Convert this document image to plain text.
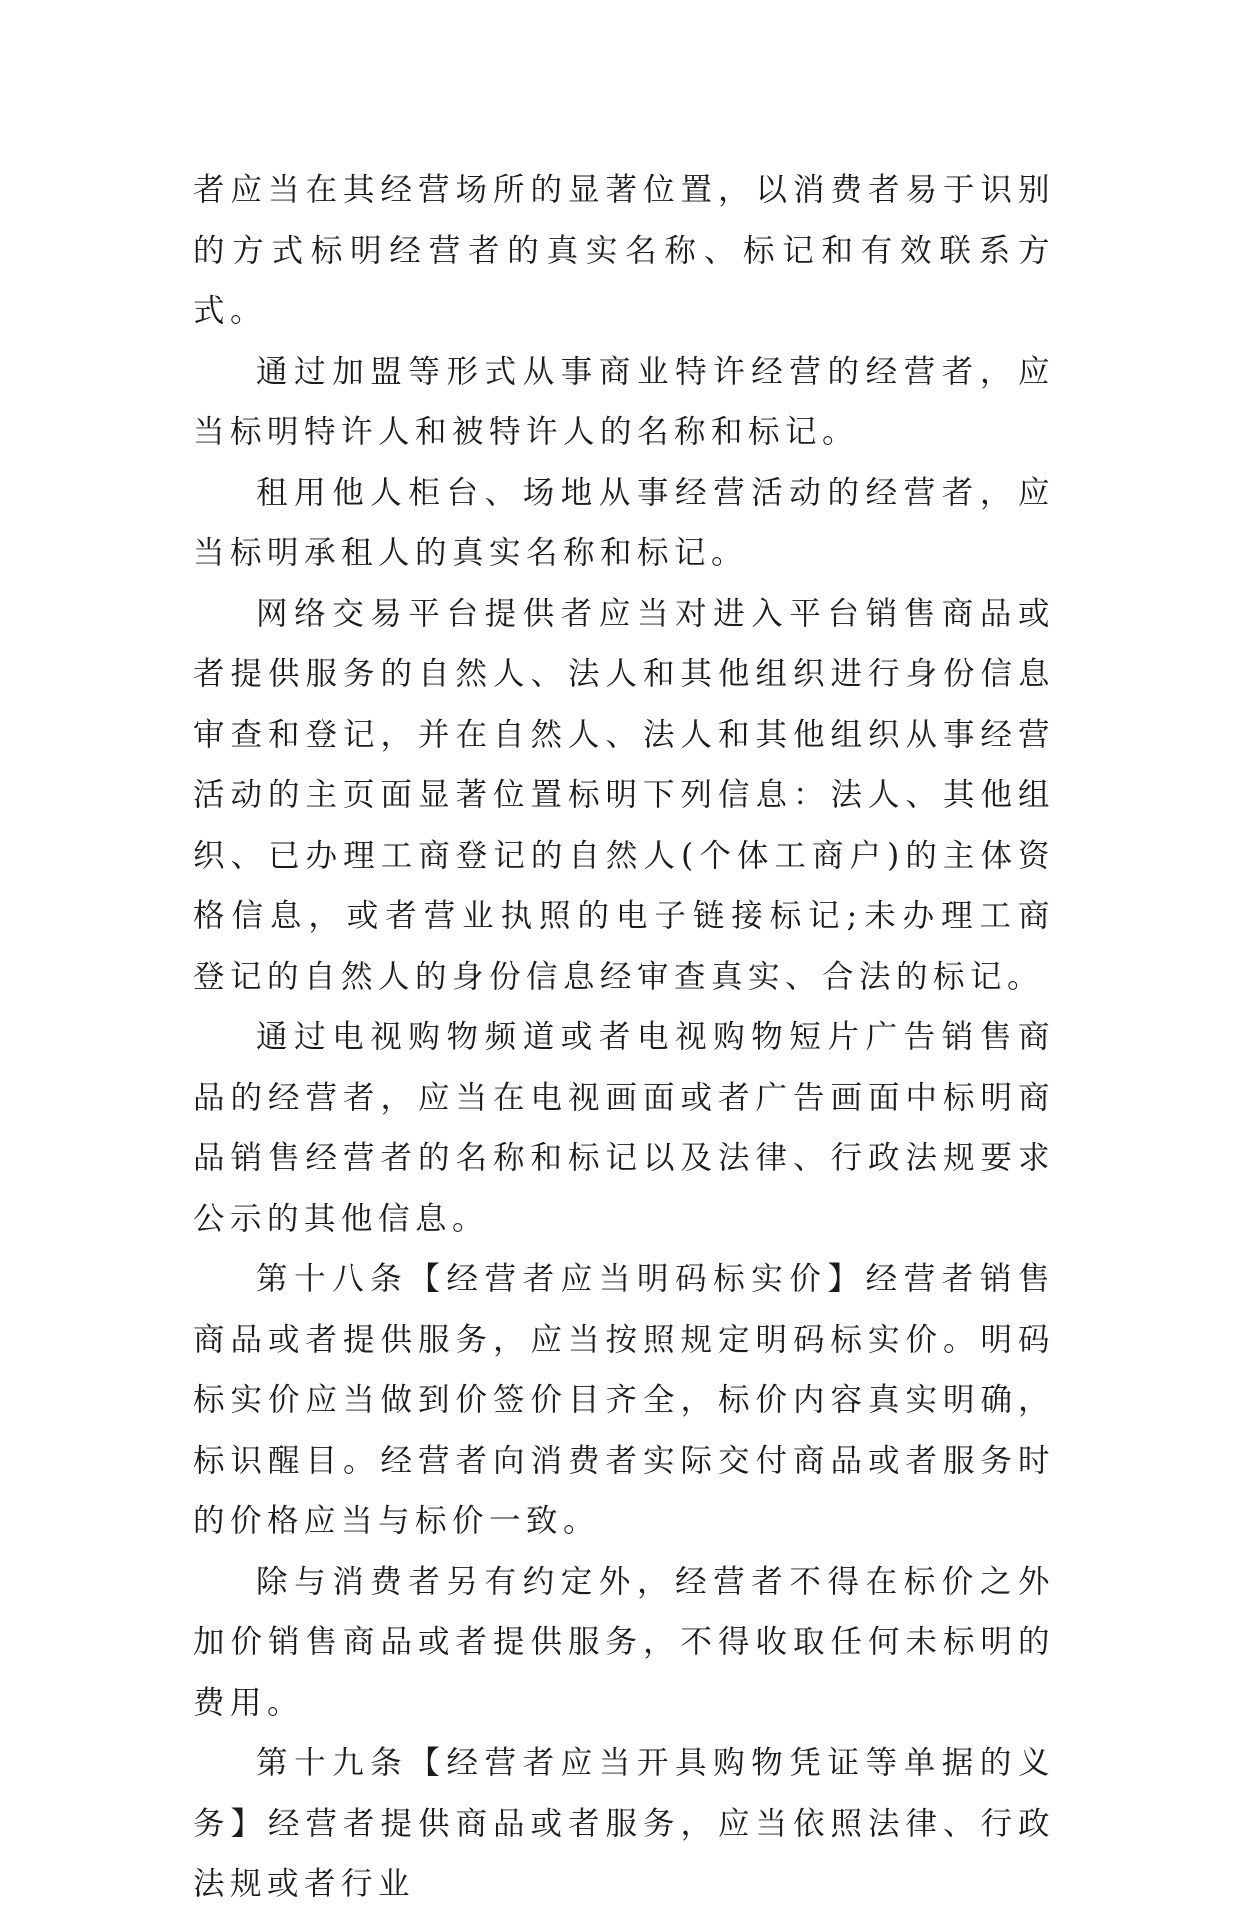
者应当在其经营场所的显著位置，以消费者易于识别的方式标明经营者的真实名称、标记和有效联系方式。

通过加盟等形式从事商业特许经营的经营者，应当标明特许人和被特许人的名称和标记。

租用他人柜台、场地从事经营活动的经营者，应当标明承租人的真实名称和标记。

网络交易平台提供者应当对进入平台销售商品或者提供服务的自然人、法人和其他组织进行身份信息审查和登记，并在自然人、法人和其他组织从事经营活动的主页面显著位置标明下列信息：法人、其他组织、已办理工商登记的自然人(个体工商户)的主体资格信息，或者营业执照的电子链接标记;未办理工商登记的自然人的身份信息经审查真实、合法的标记。

通过电视购物频道或者电视购物短片广告销售商品的经营者，应当在电视画面或者广告画面中标明商品销售经营者的名称和标记以及法律、行政法规要求公示的其他信息。

第十八条【经营者应当明码标实价】经营者销售商品或者提供服务，应当按照规定明码标实价。明码标实价应当做到价签价目齐全，标价内容真实明确，标识醒目。经营者向消费者实际交付商品或者服务时的价格应当与标价一致。

除与消费者另有约定外，经营者不得在标价之外加价销售商品或者提供服务，不得收取任何未标明的费用。

第十九条【经营者应当开具购物凭证等单据的义务】经营者提供商品或者服务，应当依照法律、行政法规或者行业
